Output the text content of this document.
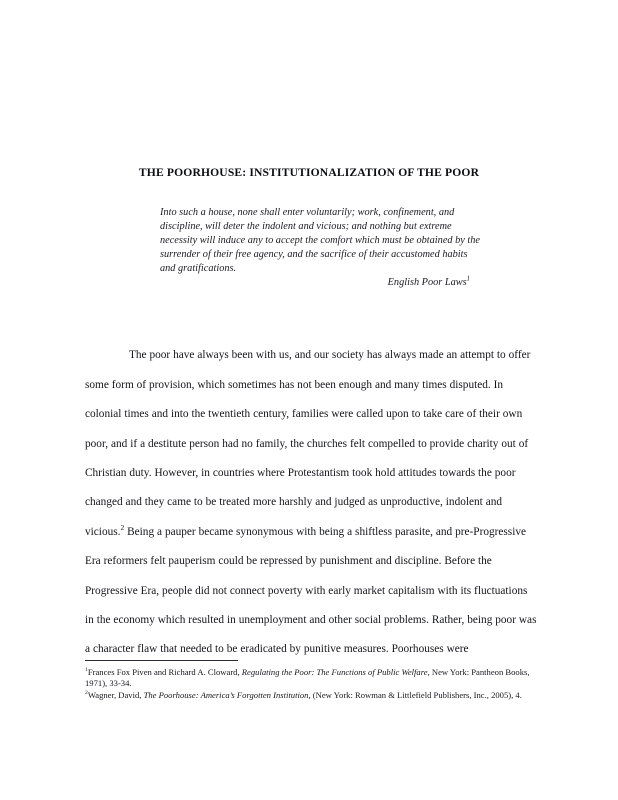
THE POORHOUSE: INSTITUTIONALIZATION OF THE POOR
Into such a house, none shall enter voluntarily; work, confinement, and discipline, will deter the indolent and vicious; and nothing but extreme necessity will induce any to accept the comfort which must be obtained by the surrender of their free agency, and the sacrifice of their accustomed habits and gratifications.
English Poor Laws$^1$

The poor have always been with us, and our society has always made an attempt to offer some form of provision, which sometimes has not been enough and many times disputed. In colonial times and into the twentieth century, families were called upon to take care of their own poor, and if a destitute person had no family, the churches felt compelled to provide charity out of Christian duty. However, in countries where Protestantism took hold attitudes towards the poor changed and they came to be treated more harshly and judged as unproductive, indolent and vicious.$^2$ Being a pauper became synonymous with being a shiftless parasite, and pre-Progressive Era reformers felt pauperism could be repressed by punishment and discipline. Before the Progressive Era, people did not connect poverty with early market capitalism with its fluctuations in the economy which resulted in unemployment and other social problems. Rather, being poor was a character flaw that needed to be eradicated by punitive measures. Poorhouses were

$^1$Frances Fox Piven and Richard A. Cloward, Regulating the Poor: The Functions of Public Welfare, New York: Pantheon Books, 1971), 33-34.

$^2$Wagner, David, The Poorhouse: America’s Forgotten Institution, (New York: Rowman & Littlefield Publishers, Inc., 2005), 4.
